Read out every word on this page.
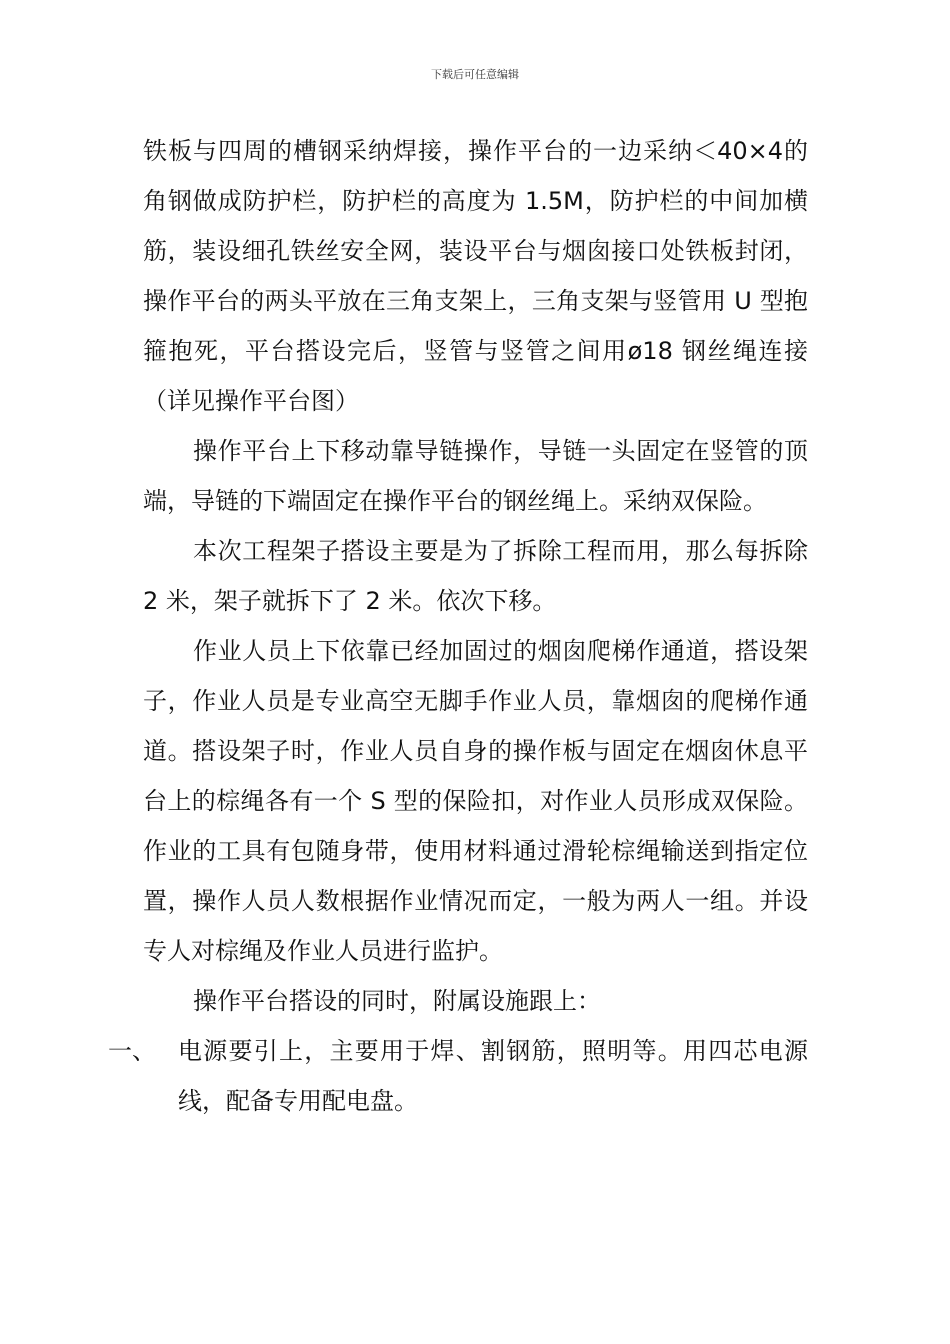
下载后可任意编辑

铁板与四周的槽钢采纳焊接，操作平台的一边采纳＜40×4的角钢做成防护栏，防护栏的高度为 1.5M，防护栏的中间加横筋，装设细孔铁丝安全网，装设平台与烟囱接口处铁板封闭，操作平台的两头平放在三角支架上，三角支架与竖管用 U 型抱箍抱死，平台搭设完后，竖管与竖管之间用ø18 钢丝绳连接（详见操作平台图）

操作平台上下移动靠导链操作，导链一头固定在竖管的顶端，导链的下端固定在操作平台的钢丝绳上。采纳双保险。

本次工程架子搭设主要是为了拆除工程而用，那么每拆除 2 米，架子就拆下了 2 米。依次下移。

作业人员上下依靠已经加固过的烟囱爬梯作通道，搭设架子，作业人员是专业高空无脚手作业人员，靠烟囱的爬梯作通道。搭设架子时，作业人员自身的操作板与固定在烟囱休息平台上的棕绳各有一个 S 型的保险扣，对作业人员形成双保险。作业的工具有包随身带，使用材料通过滑轮棕绳输送到指定位置，操作人员人数根据作业情况而定，一般为两人一组。并设专人对棕绳及作业人员进行监护。

操作平台搭设的同时，附属设施跟上：

一、 电源要引上，主要用于焊、割钢筋，照明等。用四芯电源线，配备专用配电盘。
